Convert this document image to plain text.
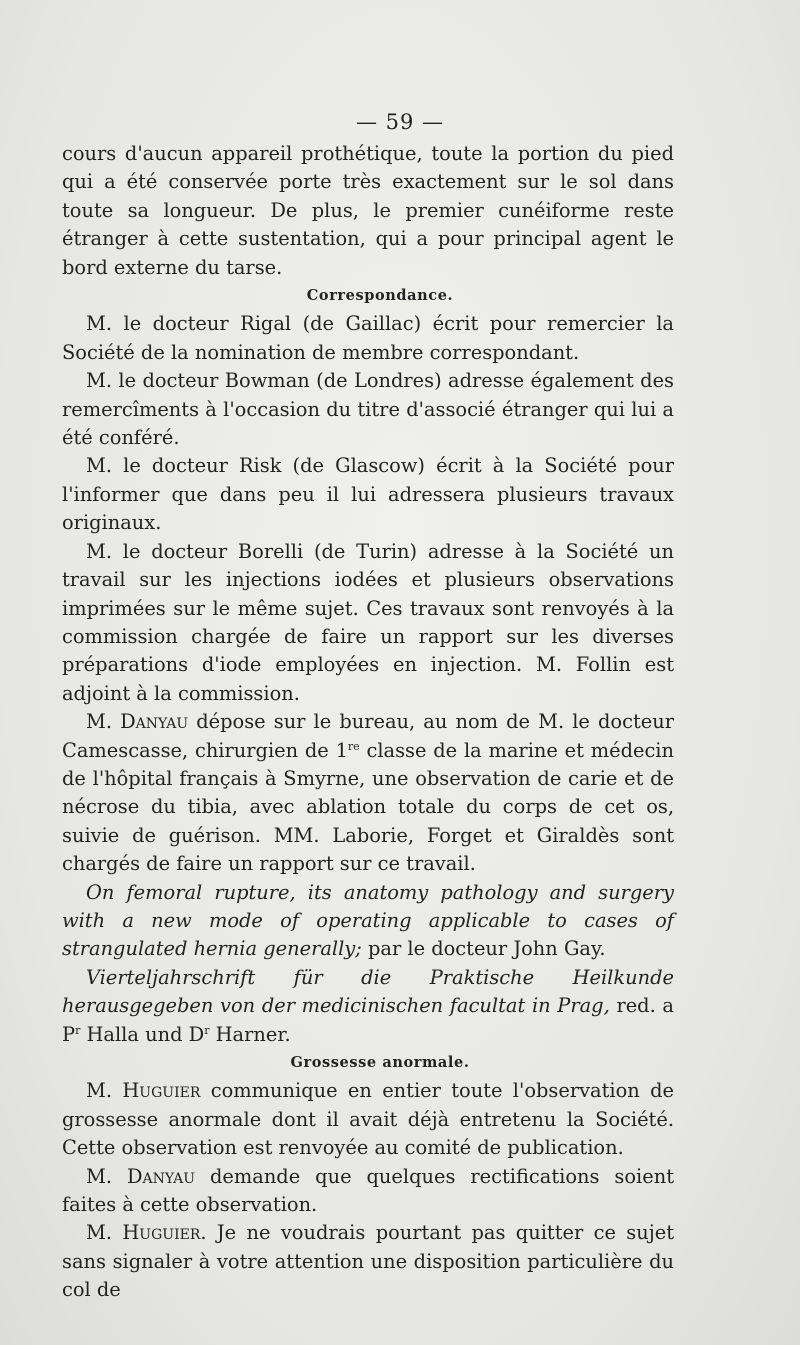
— 59 —

cours d'aucun appareil prothétique, toute la portion du pied qui a été conservée porte très exactement sur le sol dans toute sa longueur. De plus, le premier cunéiforme reste étranger à cette sustentation, qui a pour principal agent le bord externe du tarse.

Correspondance.

M. le docteur Rigal (de Gaillac) écrit pour remercier la Société de la nomination de membre correspondant.

M. le docteur Bowman (de Londres) adresse également des remercîments à l'occasion du titre d'associé étranger qui lui a été conféré.

M. le docteur Risk (de Glascow) écrit à la Société pour l'informer que dans peu il lui adressera plusieurs travaux originaux.

M. le docteur Borelli (de Turin) adresse à la Société un travail sur les injections iodées et plusieurs observations imprimées sur le même sujet. Ces travaux sont renvoyés à la commission chargée de faire un rapport sur les diverses préparations d'iode employées en injection. M. Follin est adjoint à la commission.

M. Danyau dépose sur le bureau, au nom de M. le docteur Camescasse, chirurgien de 1re classe de la marine et médecin de l'hôpital français à Smyrne, une observation de carie et de nécrose du tibia, avec ablation totale du corps de cet os, suivie de guérison. MM. Laborie, Forget et Giraldès sont chargés de faire un rapport sur ce travail.

On femoral rupture, its anatomy pathology and surgery with a new mode of operating applicable to cases of strangulated hernia generally; par le docteur John Gay.

Vierteljahrschrift für die Praktische Heilkunde herausgegeben von der medicinischen facultat in Prag, red. a $P^r$ Halla und $D^r$ Harner.

Grossesse anormale.

M. Huguier communique en entier toute l'observation de grossesse anormale dont il avait déjà entretenu la Société. Cette observation est renvoyée au comité de publication.

M. Danyau demande que quelques rectifications soient faites à cette observation.

M. Huguier. Je ne voudrais pourtant pas quitter ce sujet sans signaler à votre attention une disposition particulière du col de
